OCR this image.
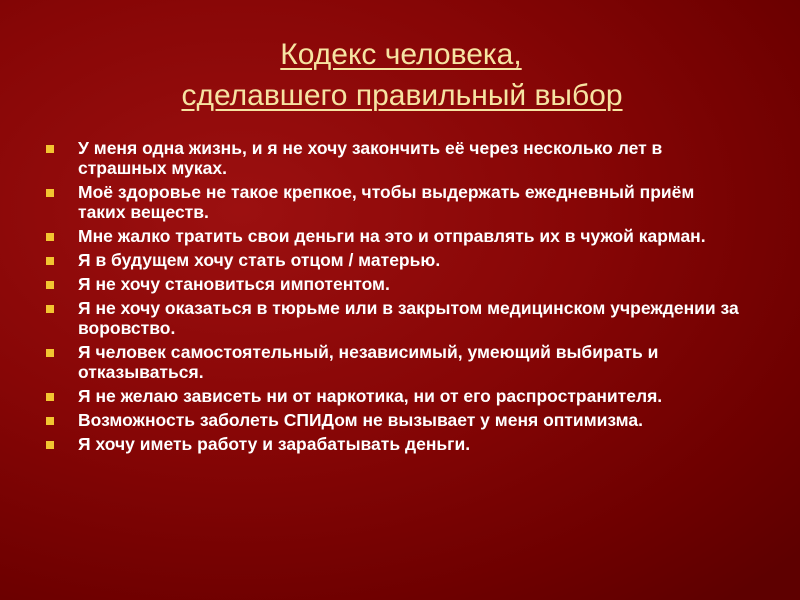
Кодекс человека,
сделавшего правильный выбор
У меня одна жизнь, и я не хочу закончить её через несколько лет в страшных муках.
Моё здоровье не такое крепкое, чтобы выдержать ежедневный приём таких веществ.
Мне жалко тратить свои деньги на это и отправлять их в чужой карман.
Я в будущем хочу стать отцом / матерью.
Я не хочу становиться импотентом.
Я не хочу оказаться в тюрьме или в закрытом медицинском учреждении за воровство.
Я человек самостоятельный, независимый, умеющий выбирать и отказываться.
Я не желаю зависеть ни от наркотика, ни от его распространителя.
Возможность заболеть СПИДом не вызывает у меня оптимизма.
Я хочу иметь работу и зарабатывать деньги.
